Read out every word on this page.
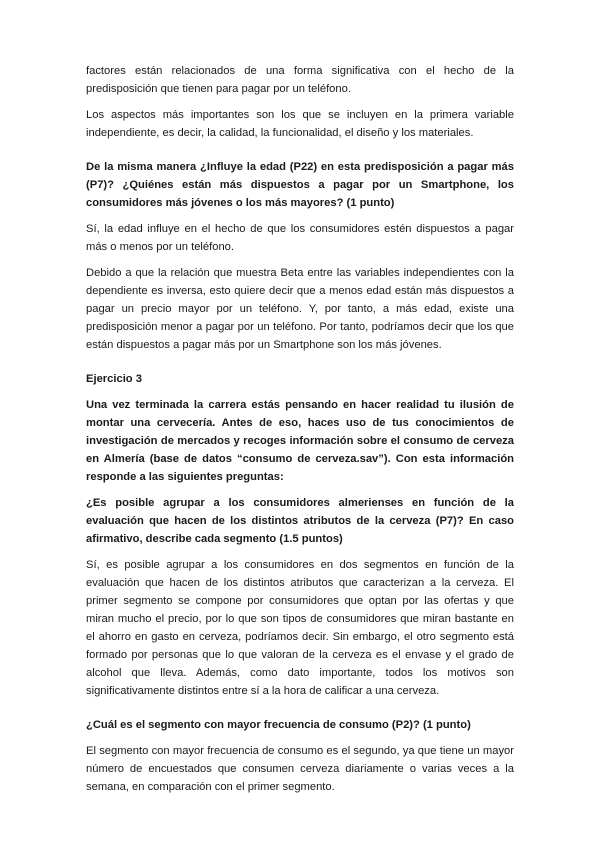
factores están relacionados de una forma significativa con el hecho de la predisposición que tienen para pagar por un teléfono.

Los aspectos más importantes son los que se incluyen en la primera variable independiente, es decir, la calidad, la funcionalidad, el diseño y los materiales.

De la misma manera ¿Influye la edad (P22) en esta predisposición a pagar más (P7)? ¿Quiénes están más dispuestos a pagar por un Smartphone, los consumidores más jóvenes o los más mayores? (1 punto)

Sí, la edad influye en el hecho de que los consumidores estén dispuestos a pagar más o menos por un teléfono.

Debido a que la relación que muestra Beta entre las variables independientes con la dependiente es inversa, esto quiere decir que a menos edad están más dispuestos a pagar un precio mayor por un teléfono. Y, por tanto, a más edad, existe una predisposición menor a pagar por un teléfono. Por tanto, podríamos decir que los que están dispuestos a pagar más por un Smartphone son los más jóvenes.

Ejercicio 3

Una vez terminada la carrera estás pensando en hacer realidad tu ilusión de montar una cervecería. Antes de eso, haces uso de tus conocimientos de investigación de mercados y recoges información sobre el consumo de cerveza en Almería (base de datos “consumo de cerveza.sav”). Con esta información responde a las siguientes preguntas:

¿Es posible agrupar a los consumidores almerienses en función de la evaluación que hacen de los distintos atributos de la cerveza (P7)? En caso afirmativo, describe cada segmento (1.5 puntos)

Sí, es posible agrupar a los consumidores en dos segmentos en función de la evaluación que hacen de los distintos atributos que caracterizan a la cerveza. El primer segmento se compone por consumidores que optan por las ofertas y que miran mucho el precio, por lo que son tipos de consumidores que miran bastante en el ahorro en gasto en cerveza, podríamos decir. Sin embargo, el otro segmento está formado por personas que lo que valoran de la cerveza es el envase y el grado de alcohol que lleva. Además, como dato importante, todos los motivos son significativamente distintos entre sí a la hora de calificar a una cerveza.

¿Cuál es el segmento con mayor frecuencia de consumo (P2)? (1 punto)

El segmento con mayor frecuencia de consumo es el segundo, ya que tiene un mayor número de encuestados que consumen cerveza diariamente o varias veces a la semana, en comparación con el primer segmento.
